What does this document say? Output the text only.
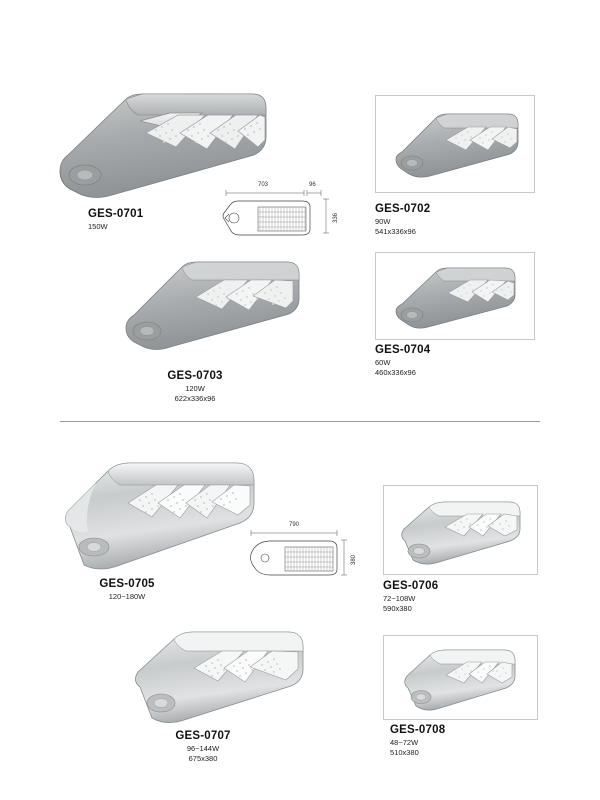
GES-0701
150W
703	96
336
GES-0702
90W
541x336x96
GES-0703
120W
622x336x96
GES-0704
60W
460x336x96
GES-0705
120~180W
790
380
GES-0706
72~108W
590x380
GES-0707
96~144W
675x380
GES-0708
48~72W
510x380
